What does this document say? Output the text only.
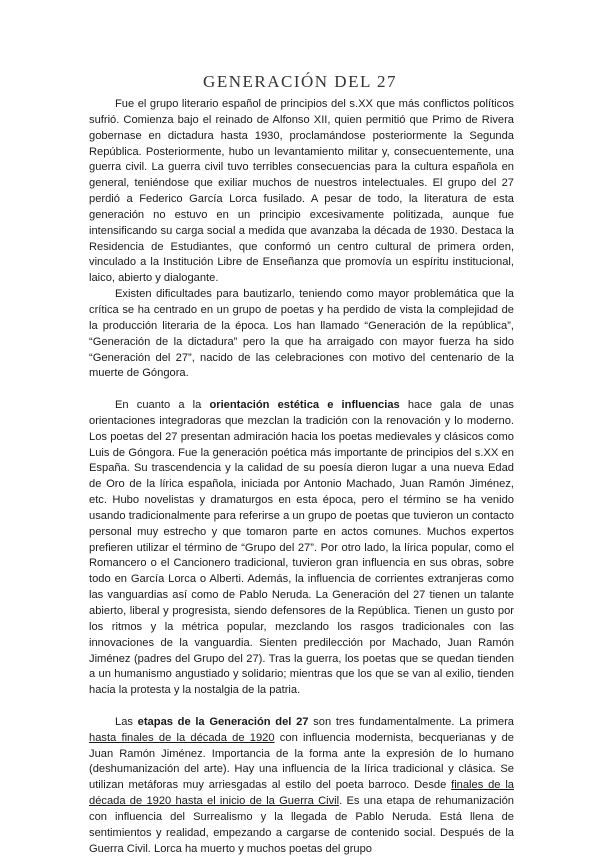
GENERACIÓN DEL 27

Fue el grupo literario español de principios del s.XX que más conflictos políticos sufrió. Comienza bajo el reinado de Alfonso XII, quien permitió que Primo de Rivera gobernase en dictadura hasta 1930, proclamándose posteriormente la Segunda República. Posteriormente, hubo un levantamiento militar y, consecuentemente, una guerra civil. La guerra civil tuvo terribles consecuencias para la cultura española en general, teniéndose que exiliar muchos de nuestros intelectuales. El grupo del 27 perdió a Federico García Lorca fusilado. A pesar de todo, la literatura de esta generación no estuvo en un principio excesivamente politizada, aunque fue intensificando su carga social a medida que avanzaba la década de 1930. Destaca la Residencia de Estudiantes, que conformó un centro cultural de primera orden, vinculado a la Institución Libre de Enseñanza que promovía un espíritu institucional, laico, abierto y dialogante.

Existen dificultades para bautizarlo, teniendo como mayor problemática que la crítica se ha centrado en un grupo de poetas y ha perdido de vista la complejidad de la producción literaria de la época. Los han llamado “Generación de la república”, “Generación de la dictadura” pero la que ha arraigado con mayor fuerza ha sido “Generación del 27”, nacido de las celebraciones con motivo del centenario de la muerte de Góngora.

En cuanto a la orientación estética e influencias hace gala de unas orientaciones integradoras que mezclan la tradición con la renovación y lo moderno. Los poetas del 27 presentan admiración hacia los poetas medievales y clásicos como Luis de Góngora. Fue la generación poética más importante de principios del s.XX en España. Su trascendencia y la calidad de su poesía dieron lugar a una nueva Edad de Oro de la lírica española, iniciada por Antonio Machado, Juan Ramón Jiménez, etc. Hubo novelistas y dramaturgos en esta época, pero el término se ha venido usando tradicionalmente para referirse a un grupo de poetas que tuvieron un contacto personal muy estrecho y que tomaron parte en actos comunes. Muchos expertos prefieren utilizar el término de “Grupo del 27”. Por otro lado, la lírica popular, como el Romancero o el Cancionero tradicional, tuvieron gran influencia en sus obras, sobre todo en García Lorca o Alberti. Además, la influencia de corrientes extranjeras como las vanguardias así como de Pablo Neruda. La Generación del 27 tienen un talante abierto, liberal y progresista, siendo defensores de la República. Tienen un gusto por los ritmos y la métrica popular, mezclando los rasgos tradicionales con las innovaciones de la vanguardia. Sienten predilección por Machado, Juan Ramón Jiménez (padres del Grupo del 27). Tras la guerra, los poetas que se quedan tienden a un humanismo angustiado y solidario; mientras que los que se van al exilio, tienden hacia la protesta y la nostalgia de la patria.

Las etapas de la Generación del 27 son tres fundamentalmente. La primera hasta finales de la década de 1920 con influencia modernista, becquerianas y de Juan Ramón Jiménez. Importancia de la forma ante la expresión de lo humano (deshumanización del arte). Hay una influencia de la lírica tradicional y clásica. Se utilizan metáforas muy arriesgadas al estilo del poeta barroco. Desde finales de la década de 1920 hasta el inicio de la Guerra Civil. Es una etapa de rehumanización con influencia del Surrealismo y la llegada de Pablo Neruda. Está llena de sentimientos y realidad, empezando a cargarse de contenido social. Después de la Guerra Civil. Lorca ha muerto y muchos poetas del grupo
